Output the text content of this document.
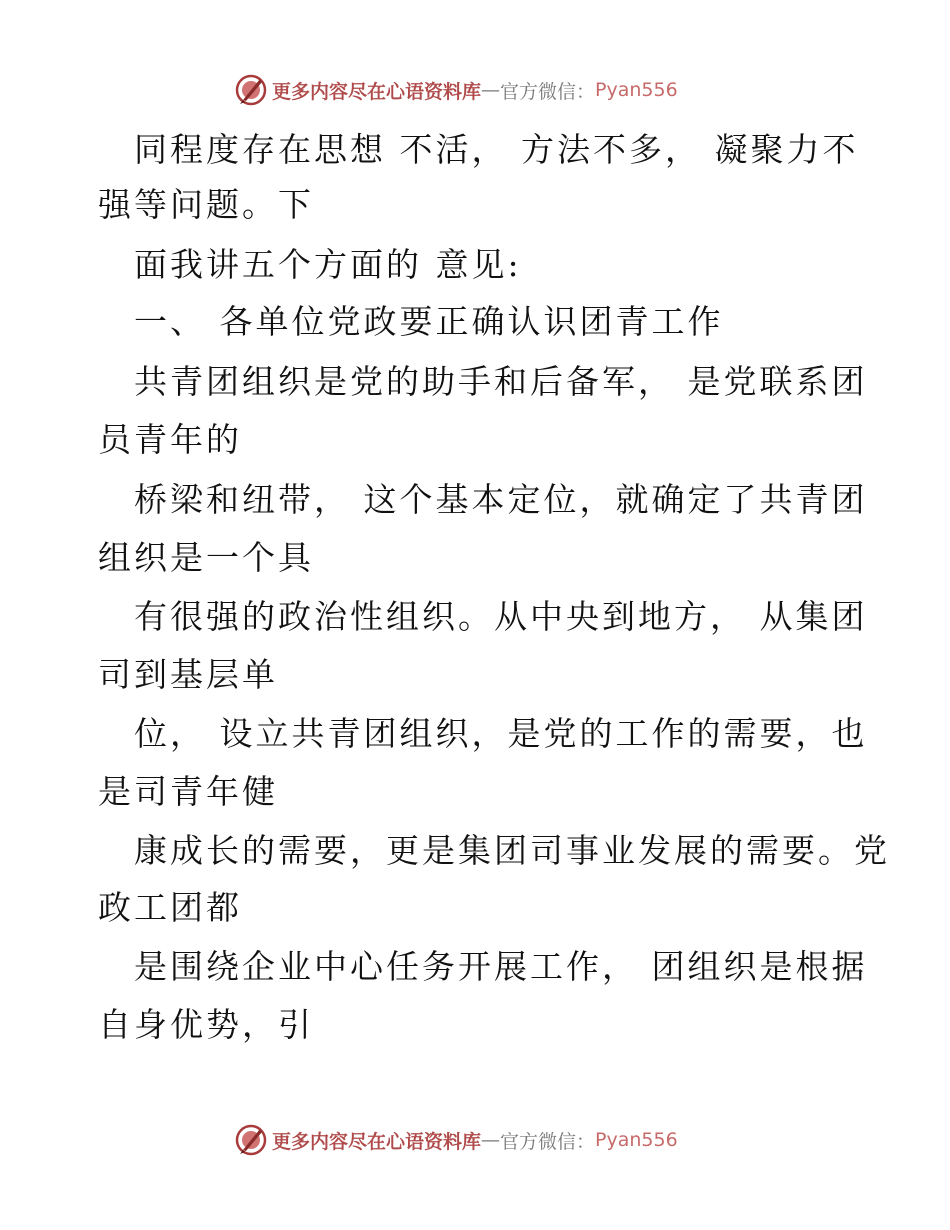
更多内容尽在心语资料库 — 官方微信： Pyan556
同程度存在思想 不活， 方法不多， 凝聚力不
强等问题。下
面我讲五个方面的 意见:
一、 各单位党政要正确认识团青工作
共青团组织是党的助手和后备军， 是党联系团
员青年的
桥梁和纽带， 这个基本定位，就确定了共青团
组织是一个具
有很强的政治性组织。从中央到地方， 从集团
司到基层单
位， 设立共青团组织，是党的工作的需要，也
是司青年健
康成长的需要，更是集团司事业发展的需要。党
政工团都
是围绕企业中心任务开展工作， 团组织是根据
自身优势，引
更多内容尽在心语资料库 — 官方微信： Pyan556
